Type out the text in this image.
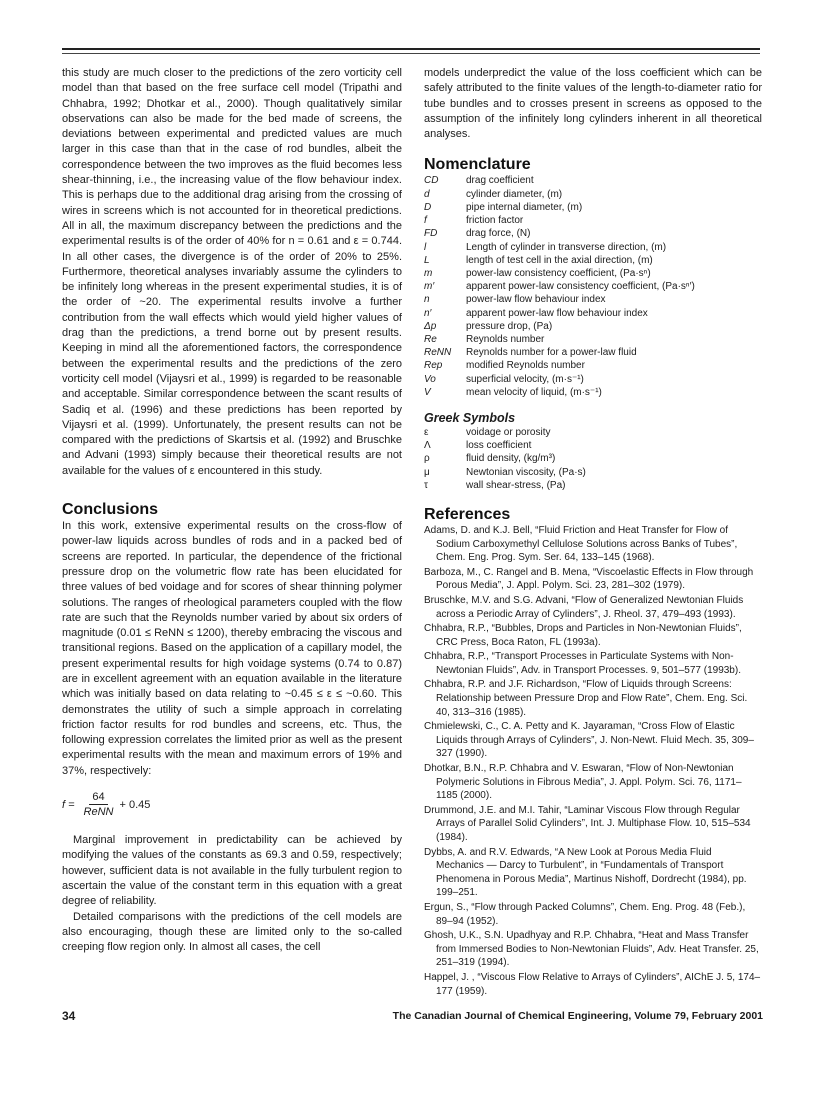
this study are much closer to the predictions of the zero vorticity cell model than that based on the free surface cell model (Tripathi and Chhabra, 1992; Dhotkar et al., 2000). Though qualitatively similar observations can also be made for the bed made of screens, the deviations between experimental and predicted values are much larger in this case than that in the case of rod bundles, albeit the correspondence between the two improves as the fluid becomes less shear-thinning, i.e., the increasing value of the flow behaviour index. This is perhaps due to the additional drag arising from the crossing of wires in screens which is not accounted for in theoretical predictions. All in all, the maximum discrepancy between the predictions and the experimental results is of the order of 40% for n = 0.61 and ε = 0.744. In all other cases, the divergence is of the order of 20% to 25%. Furthermore, theoretical analyses invariably assume the cylinders to be infinitely long whereas in the present experimental studies, it is of the order of ~20. The experimental results involve a further contribution from the wall effects which would yield higher values of drag than the predictions, a trend borne out by present results. Keeping in mind all the aforementioned factors, the correspondence between the experimental results and the predictions of the zero vorticity cell model (Vijaysri et al., 1999) is regarded to be reasonable and acceptable. Similar correspondence between the scant results of Sadiq et al. (1996) and these predictions has been reported by Vijaysri et al. (1999). Unfortunately, the present results can not be compared with the predictions of Skartsis et al. (1992) and Bruschke and Advani (1993) simply because their theoretical results are not available for the values of ε encountered in this study.

Conclusions

In this work, extensive experimental results on the cross-flow of power-law liquids across bundles of rods and in a packed bed of screens are reported. In particular, the dependence of the frictional pressure drop on the volumetric flow rate has been elucidated for three values of bed voidage and for scores of shear thinning polymer solutions. The ranges of rheological parameters coupled with the flow rate are such that the Reynolds number varied by about six orders of magnitude (0.01 ≤ ReNN ≤ 1200), thereby embracing the viscous and transitional regions. Based on the application of a capillary model, the present experimental results for high voidage systems (0.74 to 0.87) are in excellent agreement with an equation available in the literature which was initially based on data relating to ~0.45 ≤ ε ≤ ~0.60. This demonstrates the utility of such a simple approach in correlating friction factor results for rod bundles and screens, etc. Thus, the following expression correlates the limited prior as well as the present experimental results with the mean and maximum errors of 19% and 37%, respectively:

$f = \frac{64}{\text{ReNN}} + 0.45$

Marginal improvement in predictability can be achieved by modifying the values of the constants as 69.3 and 0.59, respectively; however, sufficient data is not available in the fully turbulent region to ascertain the value of the constant term in this equation with a great degree of reliability.

Detailed comparisons with the predictions of the cell models are also encouraging, though these are limited only to the so-called creeping flow region only. In almost all cases, the cell

models underpredict the value of the loss coefficient which can be safely attributed to the finite values of the length-to-diameter ratio for tube bundles and to crosses present in screens as opposed to the assumption of the infinitely long cylinders inherent in all theoretical analyses.

Nomenclature
CD	drag coefficient
d	cylinder diameter, (m)
D	pipe internal diameter, (m)
f	friction factor
FD	drag force, (N)
l	Length of cylinder in transverse direction, (m)
L	length of test cell in the axial direction, (m)
m	power-law consistency coefficient, (Pa·sⁿ)
m′	apparent power-law consistency coefficient, (Pa·sⁿ′)
n	power-law flow behaviour index
n′	apparent power-law flow behaviour index
Δp	pressure drop, (Pa)
Re	Reynolds number
ReNN	Reynolds number for a power-law fluid
Rep	modified Reynolds number
Vo	superficial velocity, (m·s⁻¹)
V	mean velocity of liquid, (m·s⁻¹)
Greek Symbols
ε	voidage or porosity
Λ	loss coefficient
ρ	fluid density, (kg/m³)
μ	Newtonian viscosity, (Pa·s)
τ	wall shear-stress, (Pa)
References
Adams, D. and K.J. Bell, “Fluid Friction and Heat Transfer for Flow of Sodium Carboxymethyl Cellulose Solutions across Banks of Tubes”, Chem. Eng. Prog. Sym. Ser. 64, 133–145 (1968).
Barboza, M., C. Rangel and B. Mena, “Viscoelastic Effects in Flow through Porous Media”, J. Appl. Polym. Sci. 23, 281–302 (1979).
Bruschke, M.V. and S.G. Advani, “Flow of Generalized Newtonian Fluids across a Periodic Array of Cylinders”, J. Rheol. 37, 479–493 (1993).
Chhabra, R.P., “Bubbles, Drops and Particles in Non-Newtonian Fluids”, CRC Press, Boca Raton, FL (1993a).
Chhabra, R.P., “Transport Processes in Particulate Systems with Non-Newtonian Fluids”, Adv. in Transport Processes. 9, 501–577 (1993b).
Chhabra, R.P. and J.F. Richardson, “Flow of Liquids through Screens: Relationship between Pressure Drop and Flow Rate”, Chem. Eng. Sci. 40, 313–316 (1985).
Chmielewski, C., C. A. Petty and K. Jayaraman, “Cross Flow of Elastic Liquids through Arrays of Cylinders”, J. Non-Newt. Fluid Mech. 35, 309–327 (1990).
Dhotkar, B.N., R.P. Chhabra and V. Eswaran, “Flow of Non-Newtonian Polymeric Solutions in Fibrous Media”, J. Appl. Polym. Sci. 76, 1171–1185 (2000).
Drummond, J.E. and M.I. Tahir, “Laminar Viscous Flow through Regular Arrays of Parallel Solid Cylinders”, Int. J. Multiphase Flow. 10, 515–534 (1984).
Dybbs, A. and R.V. Edwards, “A New Look at Porous Media Fluid Mechanics — Darcy to Turbulent”, in “Fundamentals of Transport Phenomena in Porous Media”, Martinus Nishoff, Dordrecht (1984), pp. 199–251.
Ergun, S., “Flow through Packed Columns”, Chem. Eng. Prog. 48 (Feb.), 89–94 (1952).
Ghosh, U.K., S.N. Upadhyay and R.P. Chhabra, “Heat and Mass Transfer from Immersed Bodies to Non-Newtonian Fluids”, Adv. Heat Transfer. 25, 251–319 (1994).
Happel, J. , “Viscous Flow Relative to Arrays of Cylinders”, AIChE J. 5, 174–177 (1959).
34	The Canadian Journal of Chemical Engineering, Volume 79, February 2001
